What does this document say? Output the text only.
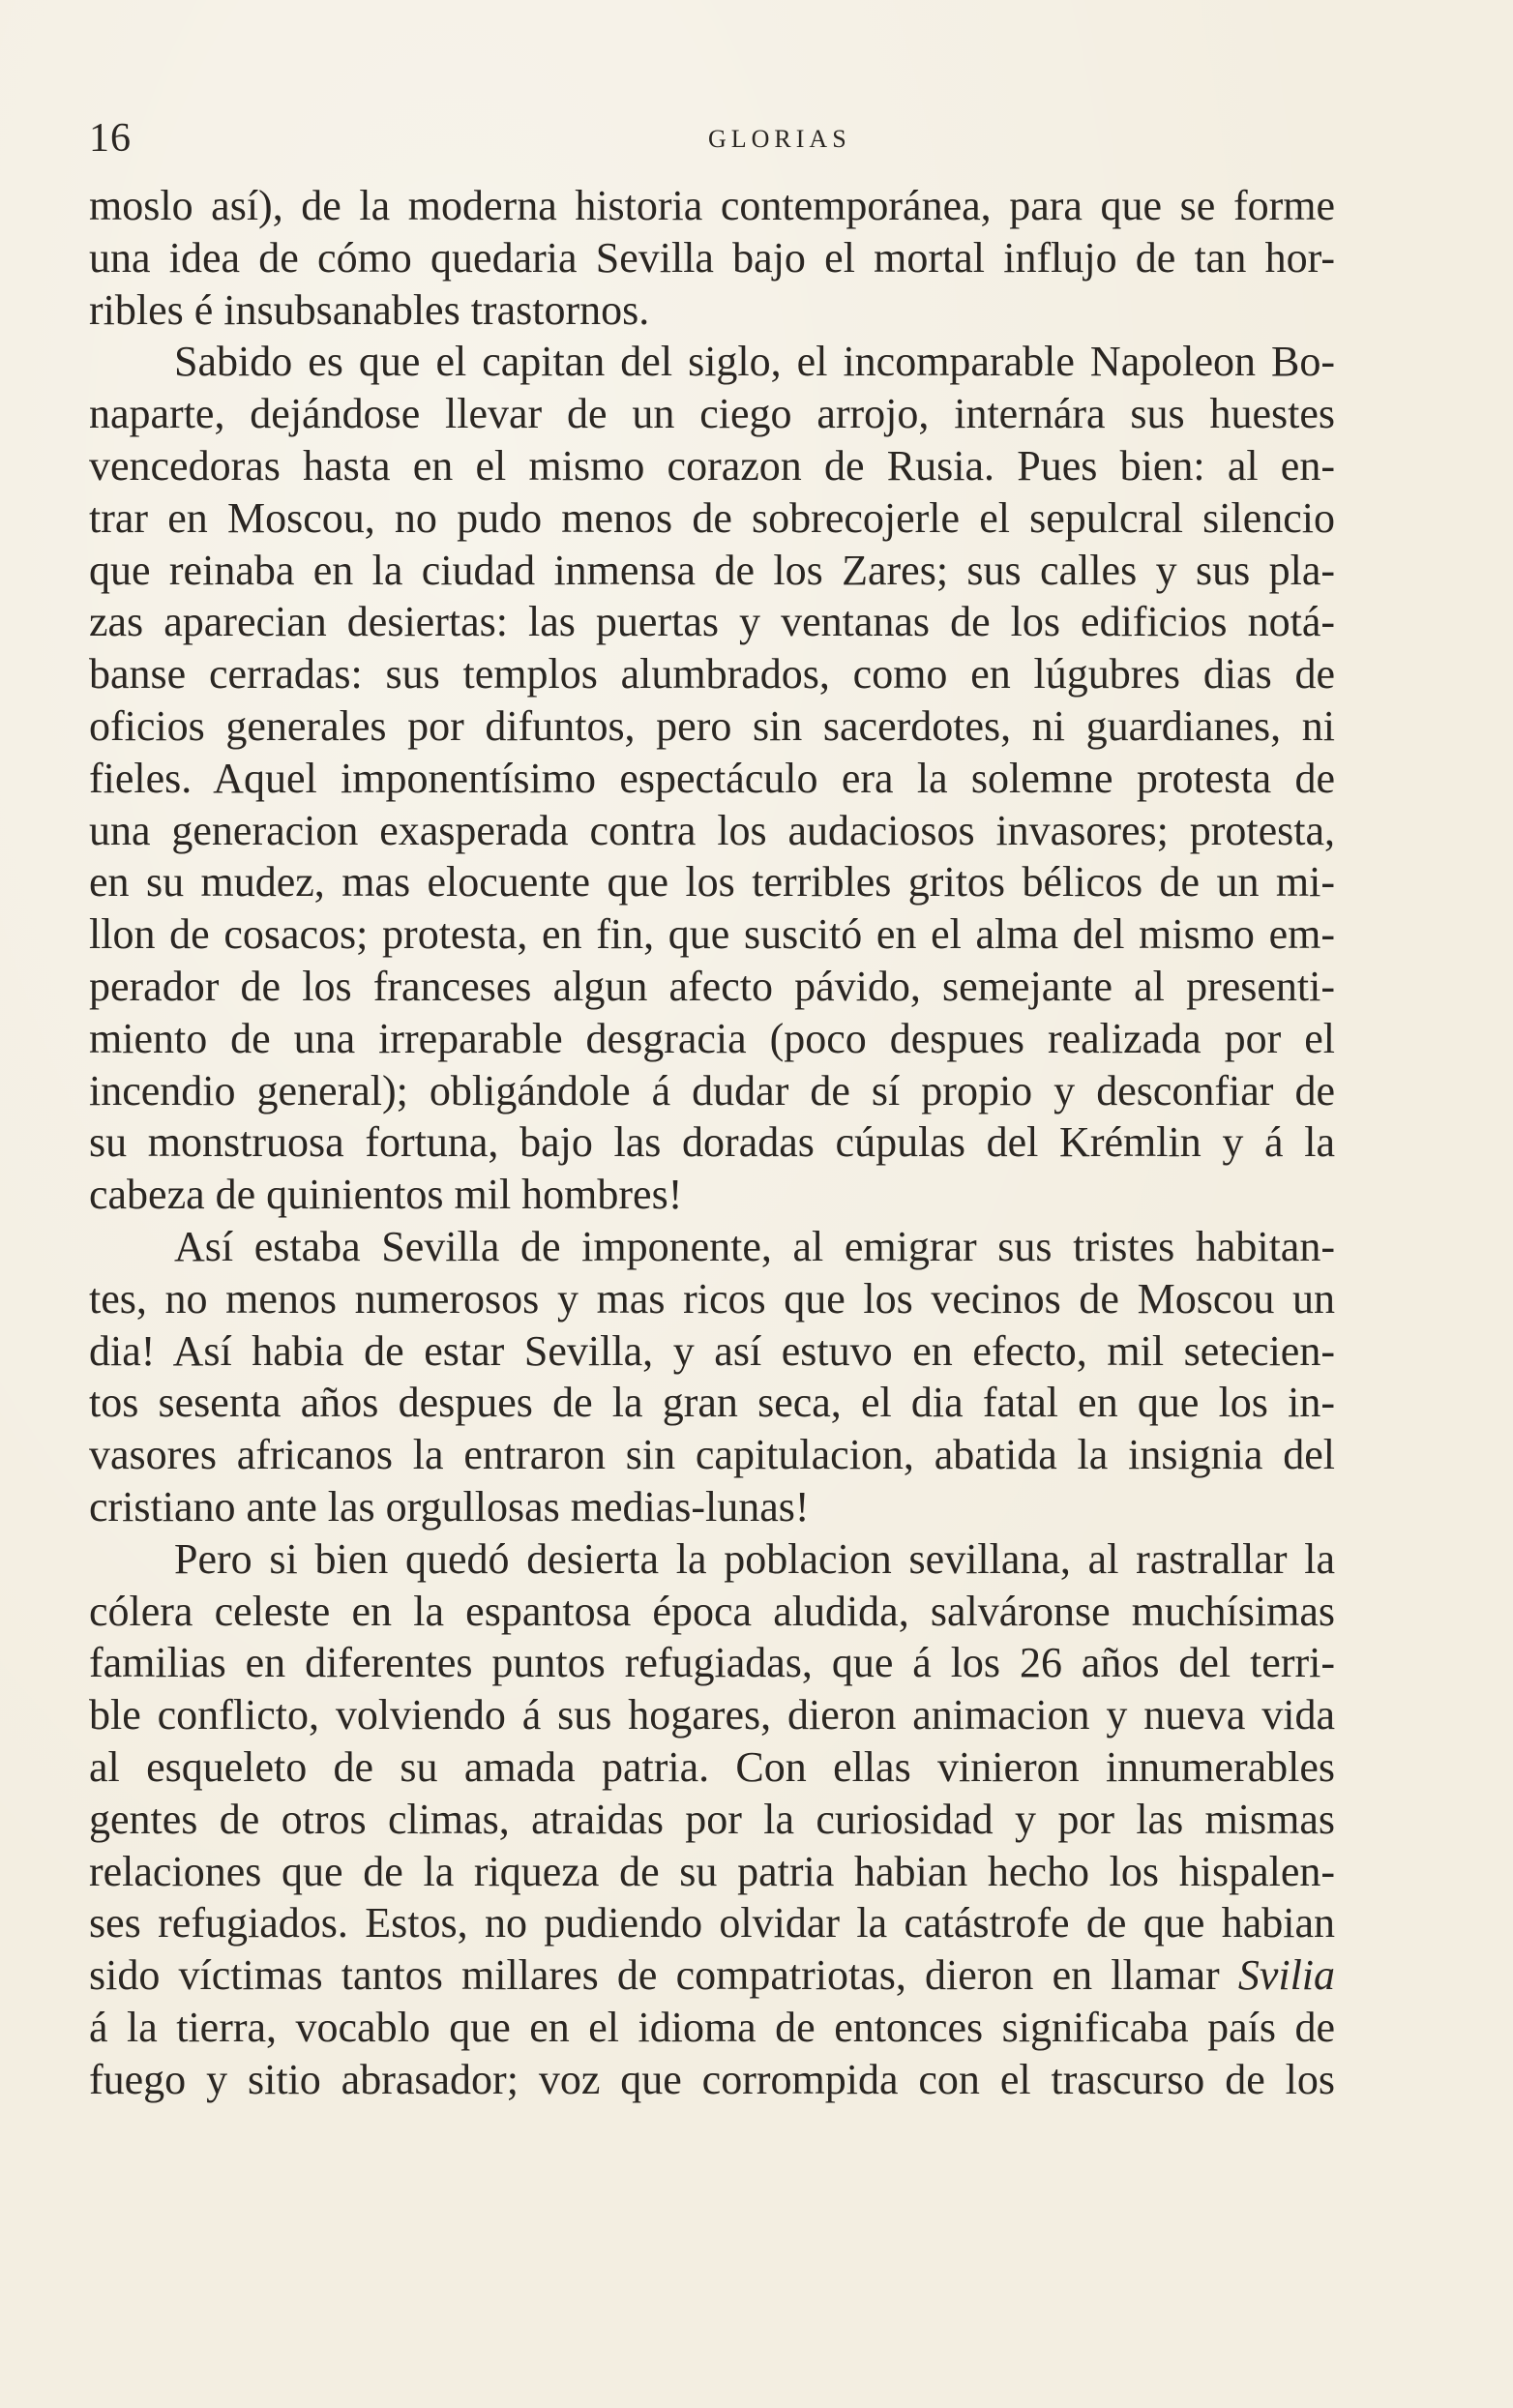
16	GLORIAS
moslo así), de la moderna historia contemporánea, para que se forme
una idea de cómo quedaria Sevilla bajo el mortal influjo de tan hor-
ribles é insubsanables trastornos.
Sabido es que el capitan del siglo, el incomparable Napoleon Bo-
naparte, dejándose llevar de un ciego arrojo, internára sus huestes
vencedoras hasta en el mismo corazon de Rusia. Pues bien: al en-
trar en Moscou, no pudo menos de sobrecojerle el sepulcral silencio
que reinaba en la ciudad inmensa de los Zares; sus calles y sus pla-
zas aparecian desiertas: las puertas y ventanas de los edificios notá-
banse cerradas: sus templos alumbrados, como en lúgubres dias de
oficios generales por difuntos, pero sin sacerdotes, ni guardianes, ni
fieles. Aquel imponentísimo espectáculo era la solemne protesta de
una generacion exasperada contra los audaciosos invasores; protesta,
en su mudez, mas elocuente que los terribles gritos bélicos de un mi-
llon de cosacos; protesta, en fin, que suscitó en el alma del mismo em-
perador de los franceses algun afecto pávido, semejante al presenti-
miento de una irreparable desgracia (poco despues realizada por el
incendio general); obligándole á dudar de sí propio y desconfiar de
su monstruosa fortuna, bajo las doradas cúpulas del Krémlin y á la
cabeza de quinientos mil hombres!
Así estaba Sevilla de imponente, al emigrar sus tristes habitan-
tes, no menos numerosos y mas ricos que los vecinos de Moscou un
dia! Así habia de estar Sevilla, y así estuvo en efecto, mil setecien-
tos sesenta años despues de la gran seca, el dia fatal en que los in-
vasores africanos la entraron sin capitulacion, abatida la insignia del
cristiano ante las orgullosas medias-lunas!
Pero si bien quedó desierta la poblacion sevillana, al rastrallar la
cólera celeste en la espantosa época aludida, salváronse muchísimas
familias en diferentes puntos refugiadas, que á los 26 años del terri-
ble conflicto, volviendo á sus hogares, dieron animacion y nueva vida
al esqueleto de su amada patria. Con ellas vinieron innumerables
gentes de otros climas, atraidas por la curiosidad y por las mismas
relaciones que de la riqueza de su patria habian hecho los hispalen-
ses refugiados. Estos, no pudiendo olvidar la catástrofe de que habian
sido víctimas tantos millares de compatriotas, dieron en llamar Svilia
á la tierra, vocablo que en el idioma de entonces significaba país de
fuego y sitio abrasador; voz que corrompida con el trascurso de los
